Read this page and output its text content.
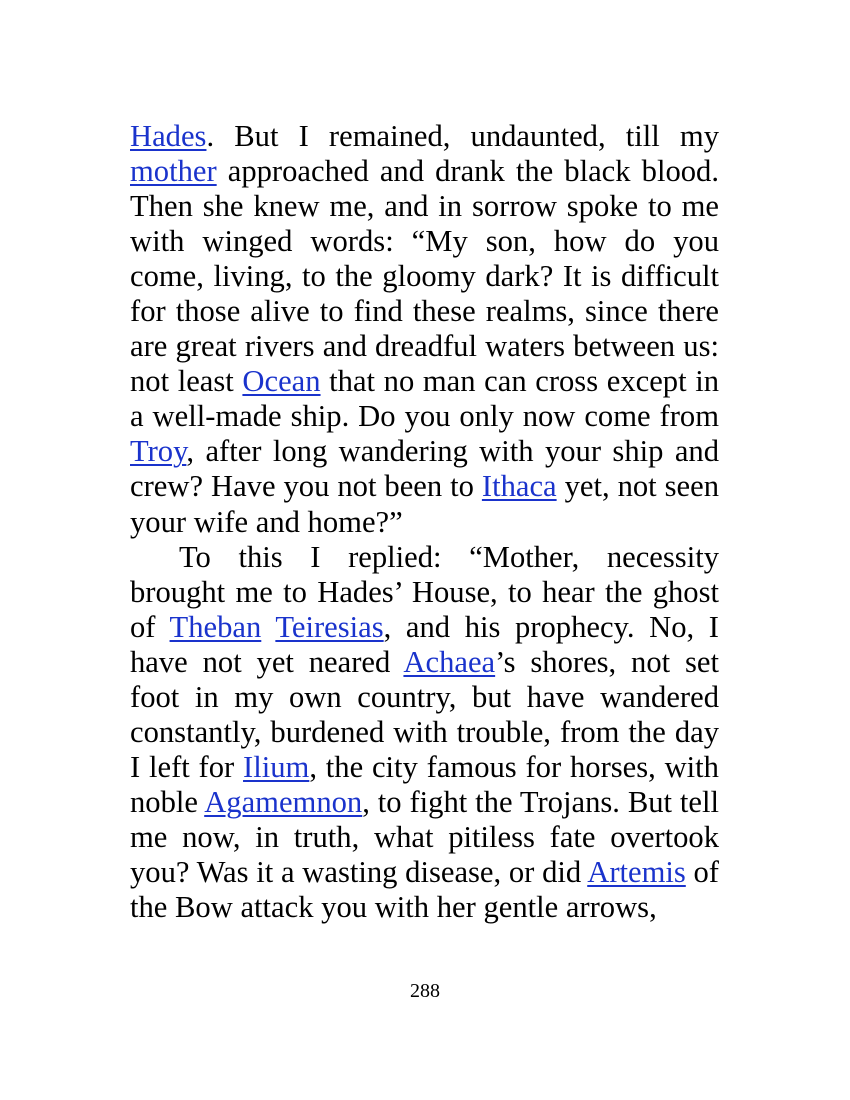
Hades. But I remained, undaunted, till my mother approached and drank the black blood. Then she knew me, and in sorrow spoke to me with winged words: “My son, how do you come, living, to the gloomy dark? It is difficult for those alive to find these realms, since there are great rivers and dreadful waters between us: not least Ocean that no man can cross except in a well-made ship. Do you only now come from Troy, after long wandering with your ship and crew? Have you not been to Ithaca yet, not seen your wife and home?”

To this I replied: “Mother, necessity brought me to Hades’ House, to hear the ghost of Theban Teiresias, and his prophecy. No, I have not yet neared Achaea’s shores, not set foot in my own country, but have wandered constantly, burdened with trouble, from the day I left for Ilium, the city famous for horses, with noble Agamemnon, to fight the Trojans. But tell me now, in truth, what pitiless fate overtook you? Was it a wasting disease, or did Artemis of the Bow attack you with her gentle arrows,

288
